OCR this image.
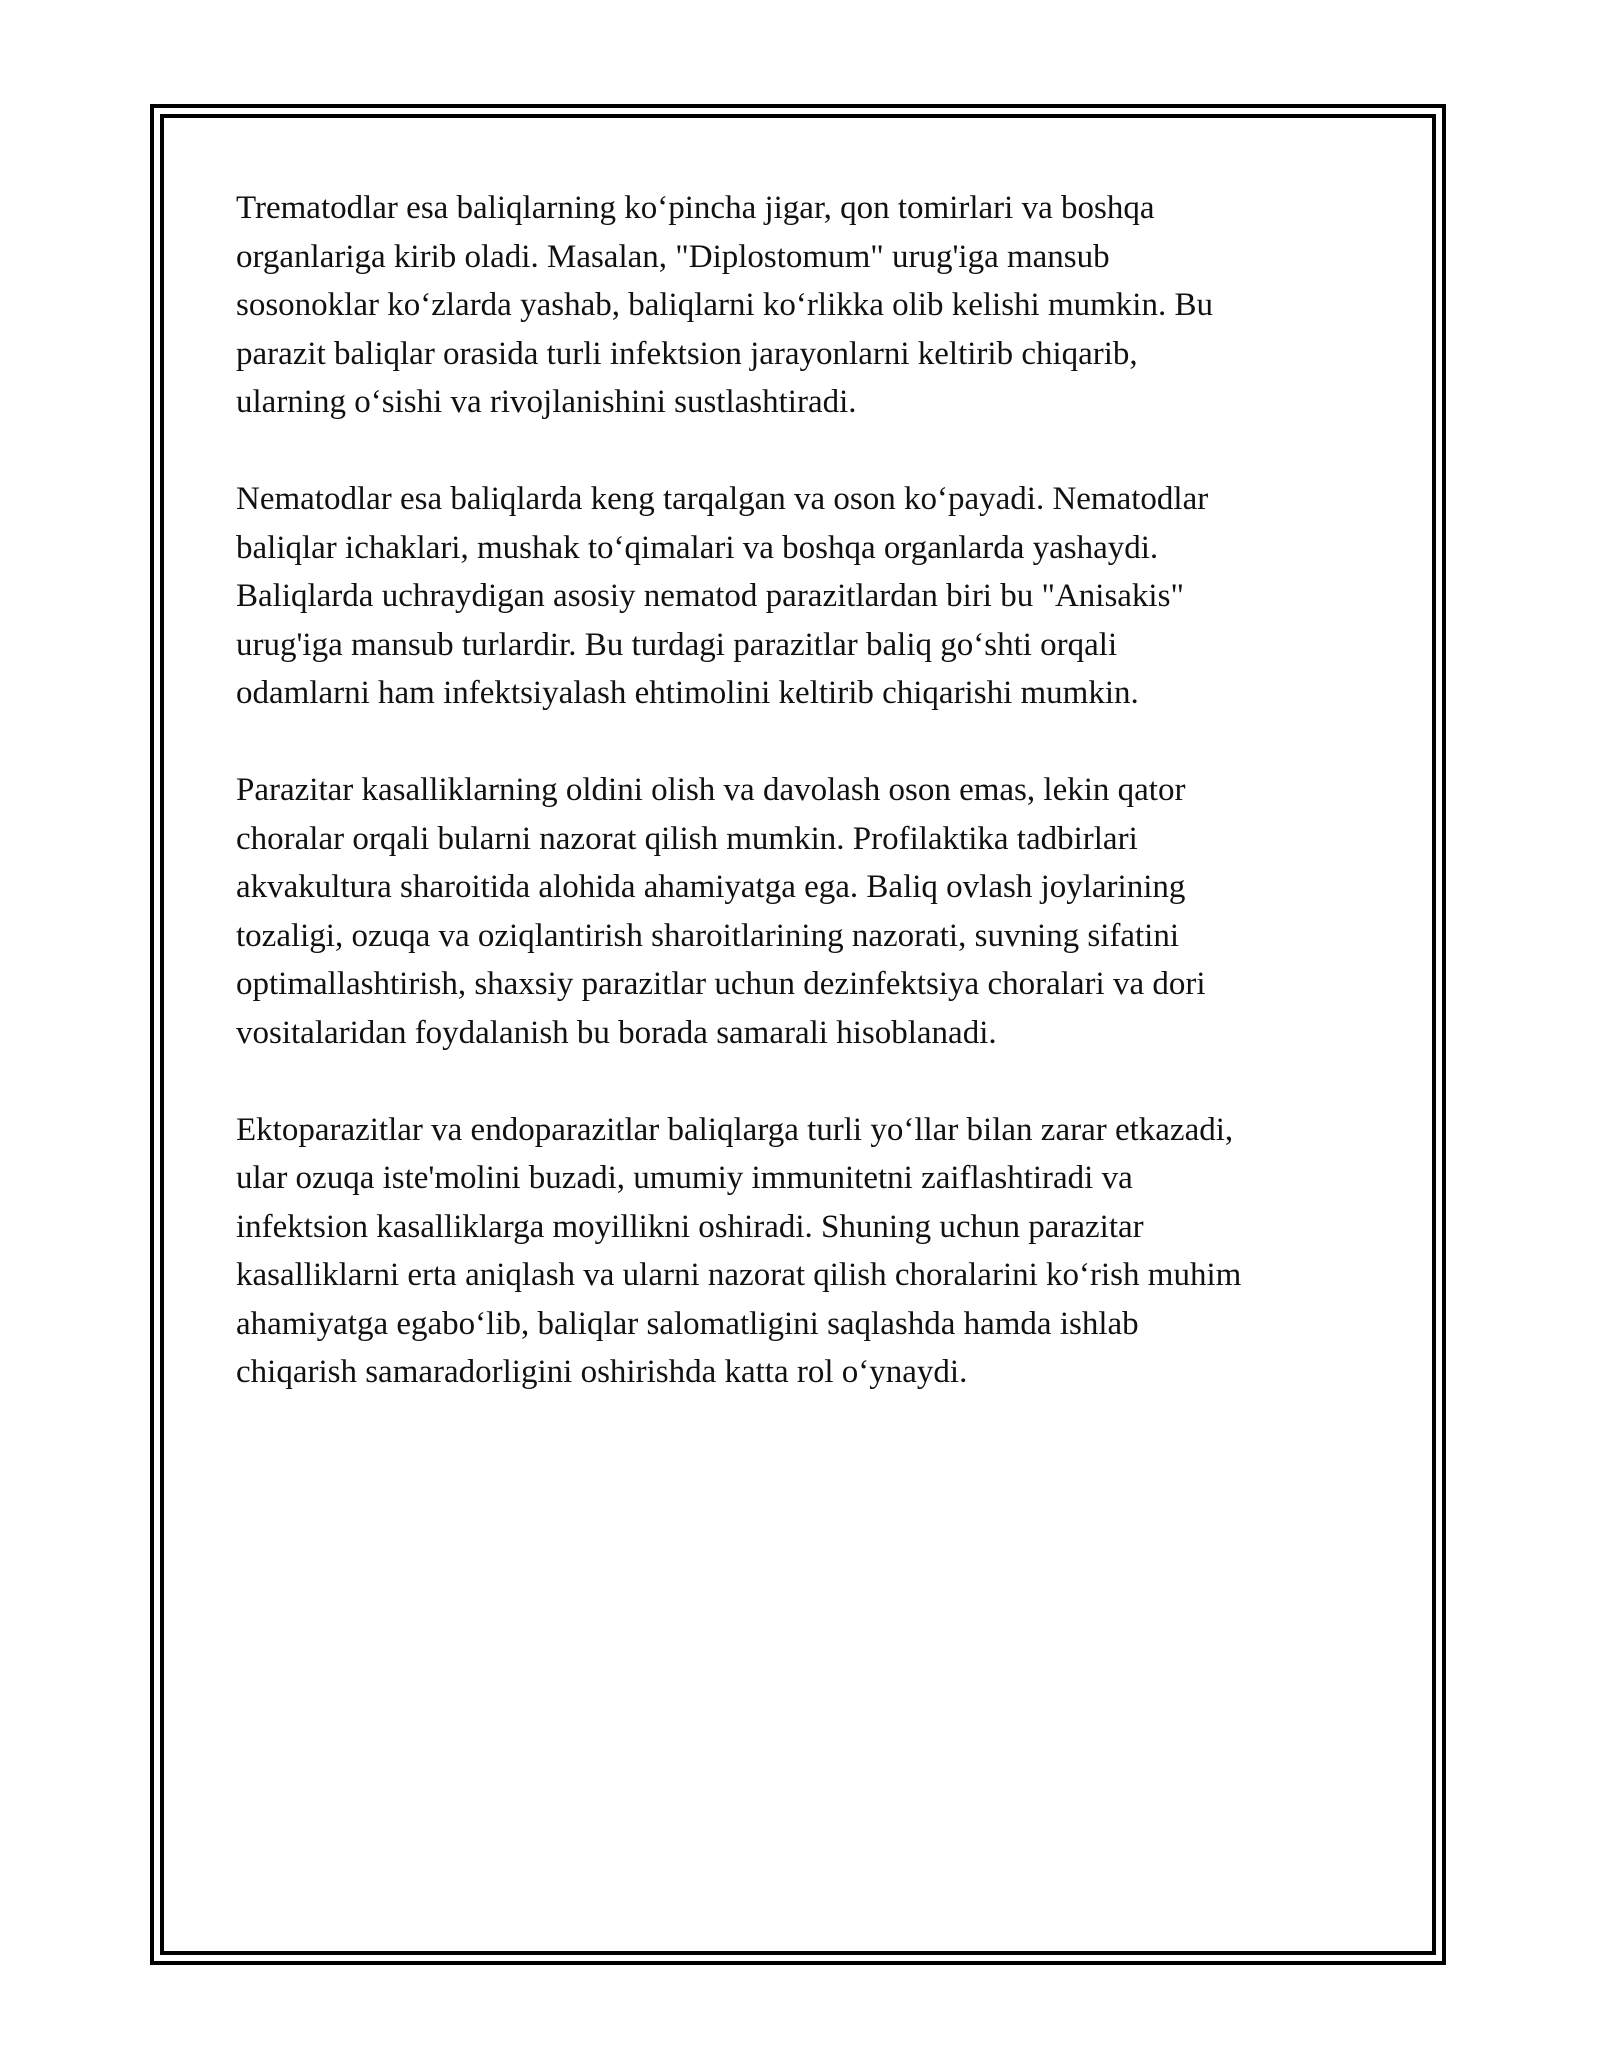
Trematodlar esa baliqlarning koʻpincha jigar, qon tomirlari va boshqa
organlariga kirib oladi. Masalan, "Diplostomum" urug'iga mansub
sosonoklar koʻzlarda yashab, baliqlarni koʻrlikka olib kelishi mumkin. Bu
parazit baliqlar orasida turli infektsion jarayonlarni keltirib chiqarib,
ularning oʻsishi va rivojlanishini sustlashtiradi.

Nematodlar esa baliqlarda keng tarqalgan va oson koʻpayadi. Nematodlar
baliqlar ichaklari, mushak toʻqimalari va boshqa organlarda yashaydi.
Baliqlarda uchraydigan asosiy nematod parazitlardan biri bu "Anisakis"
urug'iga mansub turlardir. Bu turdagi parazitlar baliq goʻshti orqali
odamlarni ham infektsiyalash ehtimolini keltirib chiqarishi mumkin.

Parazitar kasalliklarning oldini olish va davolash oson emas, lekin qator
choralar orqali bularni nazorat qilish mumkin. Profilaktika tadbirlari
akvakultura sharoitida alohida ahamiyatga ega. Baliq ovlash joylarining
tozaligi, ozuqa va oziqlantirish sharoitlarining nazorati, suvning sifatini
optimallashtirish, shaxsiy parazitlar uchun dezinfektsiya choralari va dori
vositalaridan foydalanish bu borada samarali hisoblanadi.

Ektoparazitlar va endoparazitlar baliqlarga turli yoʻllar bilan zarar etkazadi,
ular ozuqa iste'molini buzadi, umumiy immunitetni zaiflashtiradi va
infektsion kasalliklarga moyillikni oshiradi. Shuning uchun parazitar
kasalliklarni erta aniqlash va ularni nazorat qilish choralarini koʻrish muhim
ahamiyatga egaboʻlib, baliqlar salomatligini saqlashda hamda ishlab
chiqarish samaradorligini oshirishda katta rol oʻynaydi.
